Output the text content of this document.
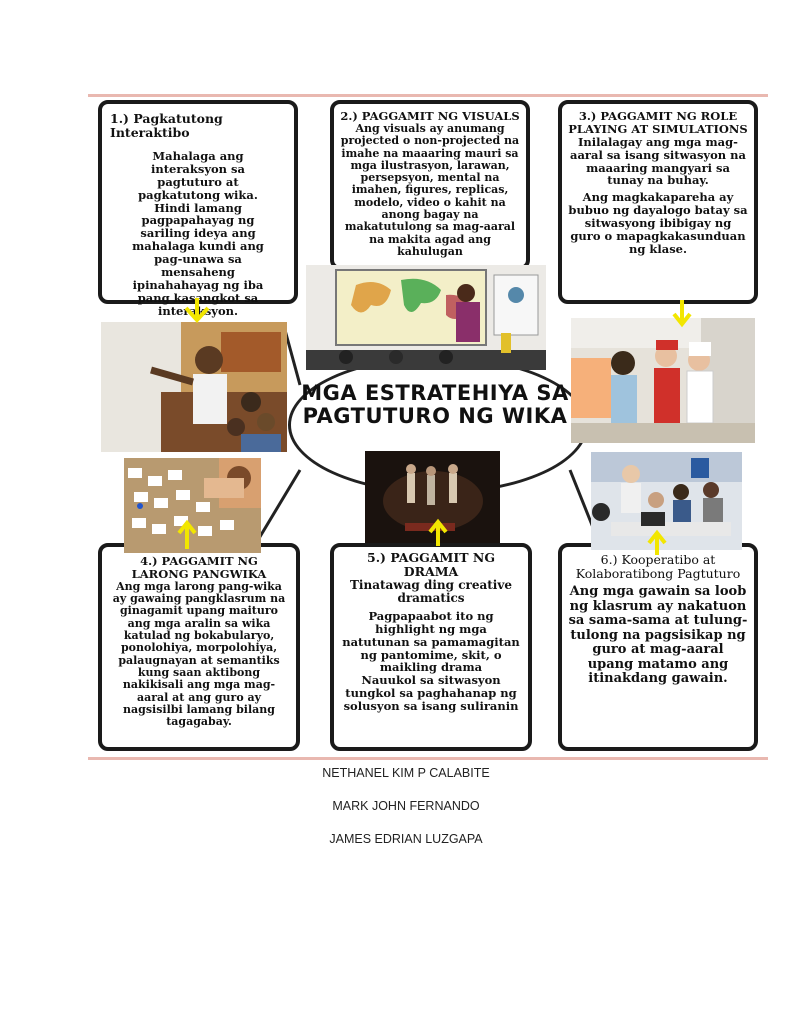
MGA ESTRATEHIYA SA PAGTUTURO NG WIKA
1.) Pagkatutong Interaktibo
Mahalaga ang interaksyon sa pagtuturo at pagkatutong wika. Hindi lamang pagpapahayag ng sariling ideya ang mahalaga kundi ang pag-unawa sa mensaheng ipinahahayag ng iba pang kasangkot sa interaksyon.
2.) PAGGAMIT NG VISUALS
Ang visuals ay anumang projected o non-projected na imahe na maaaring mauri sa mga ilustrasyon, larawan, persepsyon, mental na imahen, figures, replicas, modelo, video o kahit na anong bagay na makatutulong sa mag-aaral na makita agad ang kahulugan
3.) PAGGAMIT NG ROLE PLAYING AT SIMULATIONS
Inilalagay ang mga mag-aaral sa isang sitwasyon na maaaring mangyari sa tunay na buhay.
Ang magkakapareha ay bubuo ng dayalogo batay sa sitwasyong ibibigay ng guro o mapagkakasunduan ng klase.
4.) PAGGAMIT NG LARONG PANGWIKA
Ang mga larong pang-wika ay gawaing pangklasrum na ginagamit upang maituro ang mga aralin sa wika katulad ng bokabularyo, ponolohiya, morpolohiya, palaugnayan at semantiks kung saan aktibong nakikisali ang mga mag-aaral at ang guro ay nagsisilbi lamang bilang tagagabay.
5.) PAGGAMIT NG DRAMA
Tinatawag ding creative dramatics
Pagpapaabot ito ng highlight ng mga natutunan sa pamamagitan ng pantomime, skit, o maikling drama
Nauukol sa sitwasyon tungkol sa paghahanap ng solusyon sa isang suliranin
6.) Kooperatibo at Kolaboratibong Pagtuturo
Ang mga gawain sa loob ng klasrum ay nakatuon sa sama-sama at tulung-tulong na pagsisikap ng guro at mag-aaral upang matamo ang itinakdang gawain.
NETHANEL KIM P CALABITE
MARK JOHN FERNANDO
JAMES EDRIAN LUZGAPA
